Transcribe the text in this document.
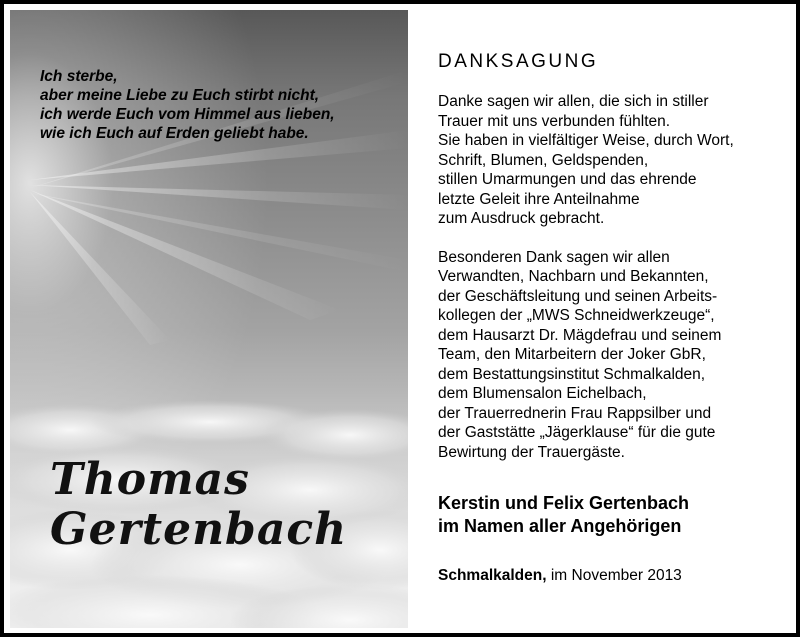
Ich sterbe,
aber meine Liebe zu Euch stirbt nicht,
ich werde Euch vom Himmel aus lieben,
wie ich Euch auf Erden geliebt habe.
Thomas
Gertenbach
DANKSAGUNG
Danke sagen wir allen, die sich in stiller
Trauer mit uns verbunden fühlten.
Sie haben in vielfältiger Weise, durch Wort,
Schrift, Blumen, Geldspenden,
stillen Umarmungen und das ehrende
letzte Geleit ihre Anteilnahme
zum Ausdruck gebracht.
Besonderen Dank sagen wir allen
Verwandten, Nachbarn und Bekannten,
der Geschäftsleitung und seinen Arbeits-
kollegen der „MWS Schneidwerkzeuge“,
dem Hausarzt Dr. Mägdefrau und seinem
Team, den Mitarbeitern der Joker GbR,
dem Bestattungsinstitut Schmalkalden,
dem Blumensalon Eichelbach,
der Trauerrednerin Frau Rappsilber und
der Gaststätte „Jägerklause“ für die gute
Bewirtung der Trauergäste.
Kerstin und Felix Gertenbach
im Namen aller Angehörigen
Schmalkalden, im November 2013
